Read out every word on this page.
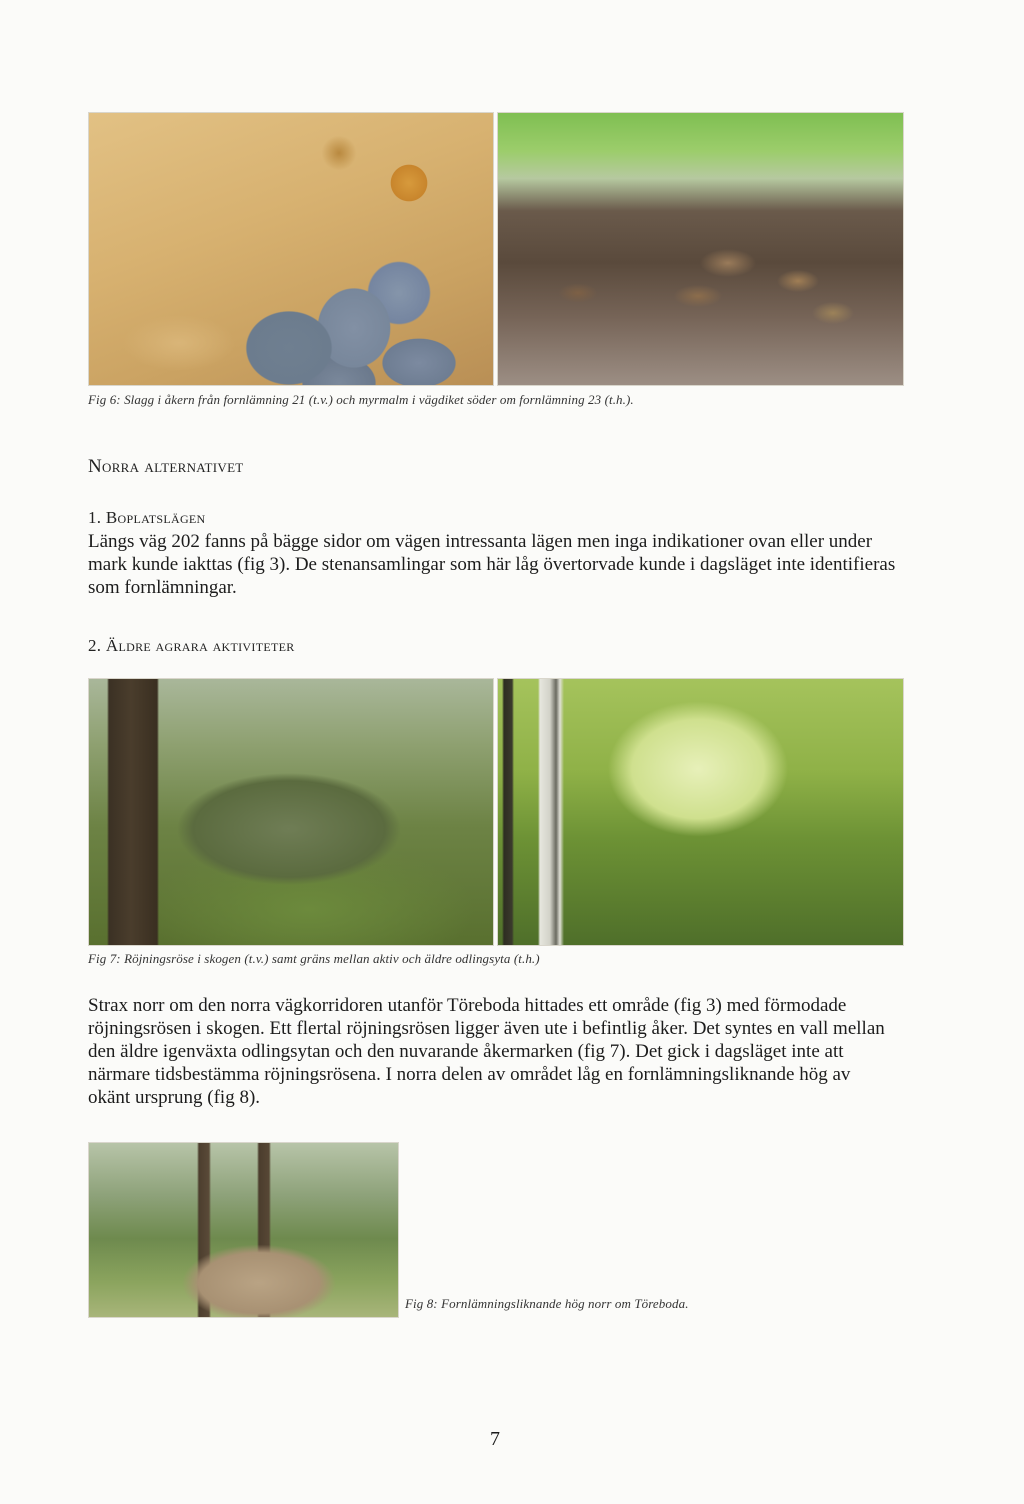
Fig 6: Slagg i åkern från fornlämning 21 (t.v.) och myrmalm i vägdiket söder om fornlämning 23 (t.h.).
Norra alternativet
1. Boplatslägen

Längs väg 202 fanns på bägge sidor om vägen intressanta lägen men inga indikationer ovan eller under mark kunde iakttas (fig 3). De stenansamlingar som här låg övertorvade kunde i dagsläget inte identifieras som fornlämningar.

2. Äldre agrara aktiviteter
Fig 7: Röjningsröse i skogen (t.v.) samt gräns mellan aktiv och äldre odlingsyta (t.h.)

Strax norr om den norra vägkorridoren utanför Töreboda hittades ett område (fig 3) med förmodade röjningsrösen i skogen. Ett flertal röjningsrösen ligger även ute i befintlig åker. Det syntes en vall mellan den äldre igenväxta odlingsytan och den nuvarande åkermarken (fig 7). Det gick i dagsläget inte att närmare tidsbestämma röjningsrösena. I norra delen av området låg en fornlämningsliknande hög av okänt ursprung (fig 8).

Fig 8: Fornlämningsliknande hög norr om Töreboda.
7
